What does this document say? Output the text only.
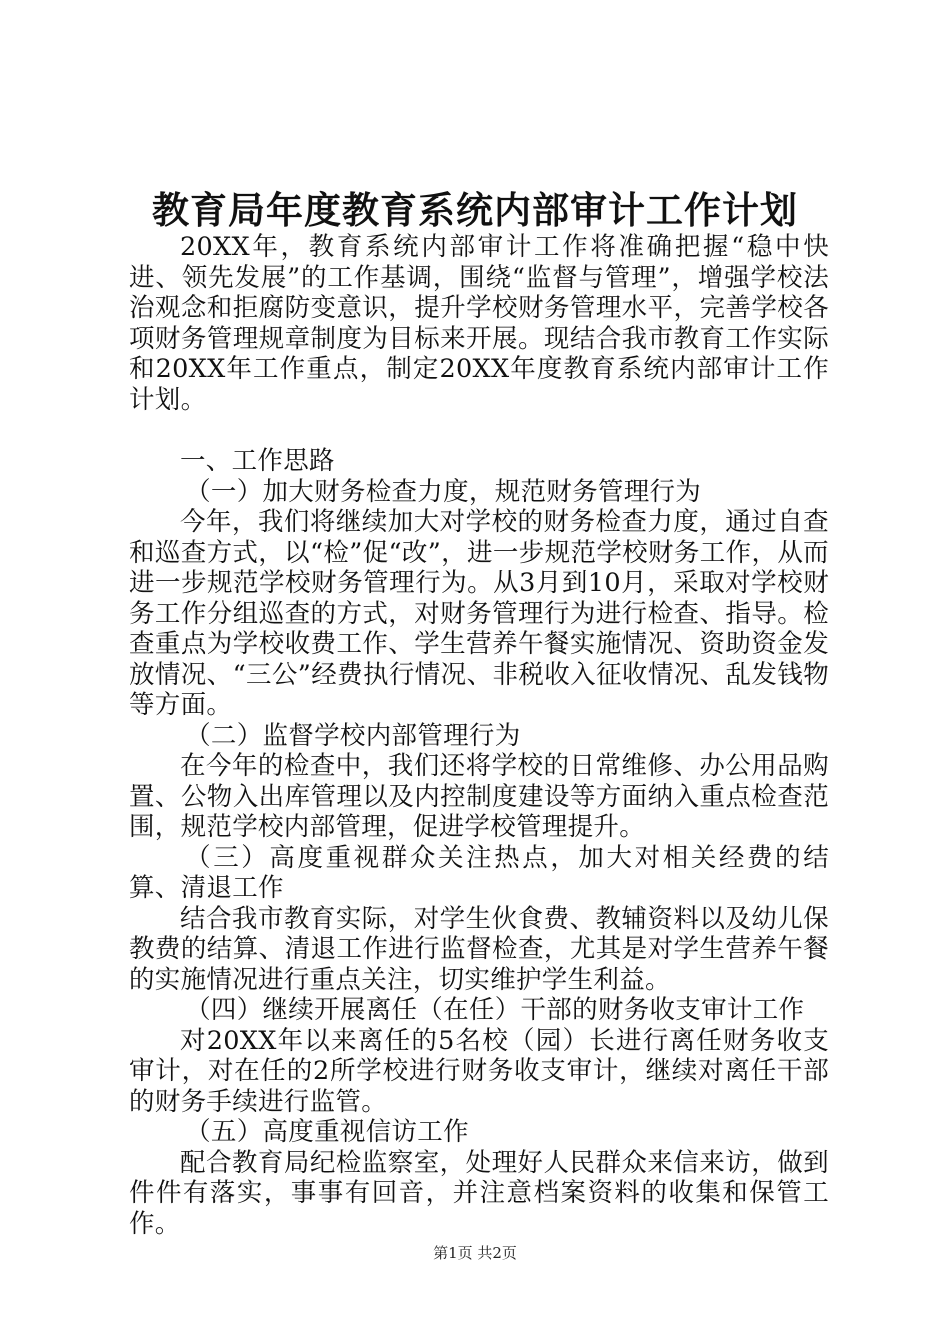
教育局年度教育系统内部审计工作计划

20XX年，教育系统内部审计工作将准确把握“稳中快进、领先发展”的工作基调，围绕“监督与管理”，增强学校法治观念和拒腐防变意识，提升学校财务管理水平，完善学校各项财务管理规章制度为目标来开展。现结合我市教育工作实际和20XX年工作重点，制定20XX年度教育系统内部审计工作计划。

一、工作思路

（一）加大财务检查力度，规范财务管理行为

今年，我们将继续加大对学校的财务检查力度，通过自查和巡查方式，以“检”促“改”，进一步规范学校财务工作，从而进一步规范学校财务管理行为。从3月到10月，采取对学校财务工作分组巡查的方式，对财务管理行为进行检查、指导。检查重点为学校收费工作、学生营养午餐实施情况、资助资金发放情况、“三公”经费执行情况、非税收入征收情况、乱发钱物等方面。

（二）监督学校内部管理行为

在今年的检查中，我们还将学校的日常维修、办公用品购置、公物入出库管理以及内控制度建设等方面纳入重点检查范围，规范学校内部管理，促进学校管理提升。

（三）高度重视群众关注热点，加大对相关经费的结算、清退工作

结合我市教育实际，对学生伙食费、教辅资料以及幼儿保教费的结算、清退工作进行监督检查，尤其是对学生营养午餐的实施情况进行重点关注，切实维护学生利益。

（四）继续开展离任（在任）干部的财务收支审计工作

对20XX年以来离任的5名校（园）长进行离任财务收支审计，对在任的2所学校进行财务收支审计，继续对离任干部的财务手续进行监管。

（五）高度重视信访工作

配合教育局纪检监察室，处理好人民群众来信来访，做到件件有落实，事事有回音，并注意档案资料的收集和保管工作。

第1页 共2页
